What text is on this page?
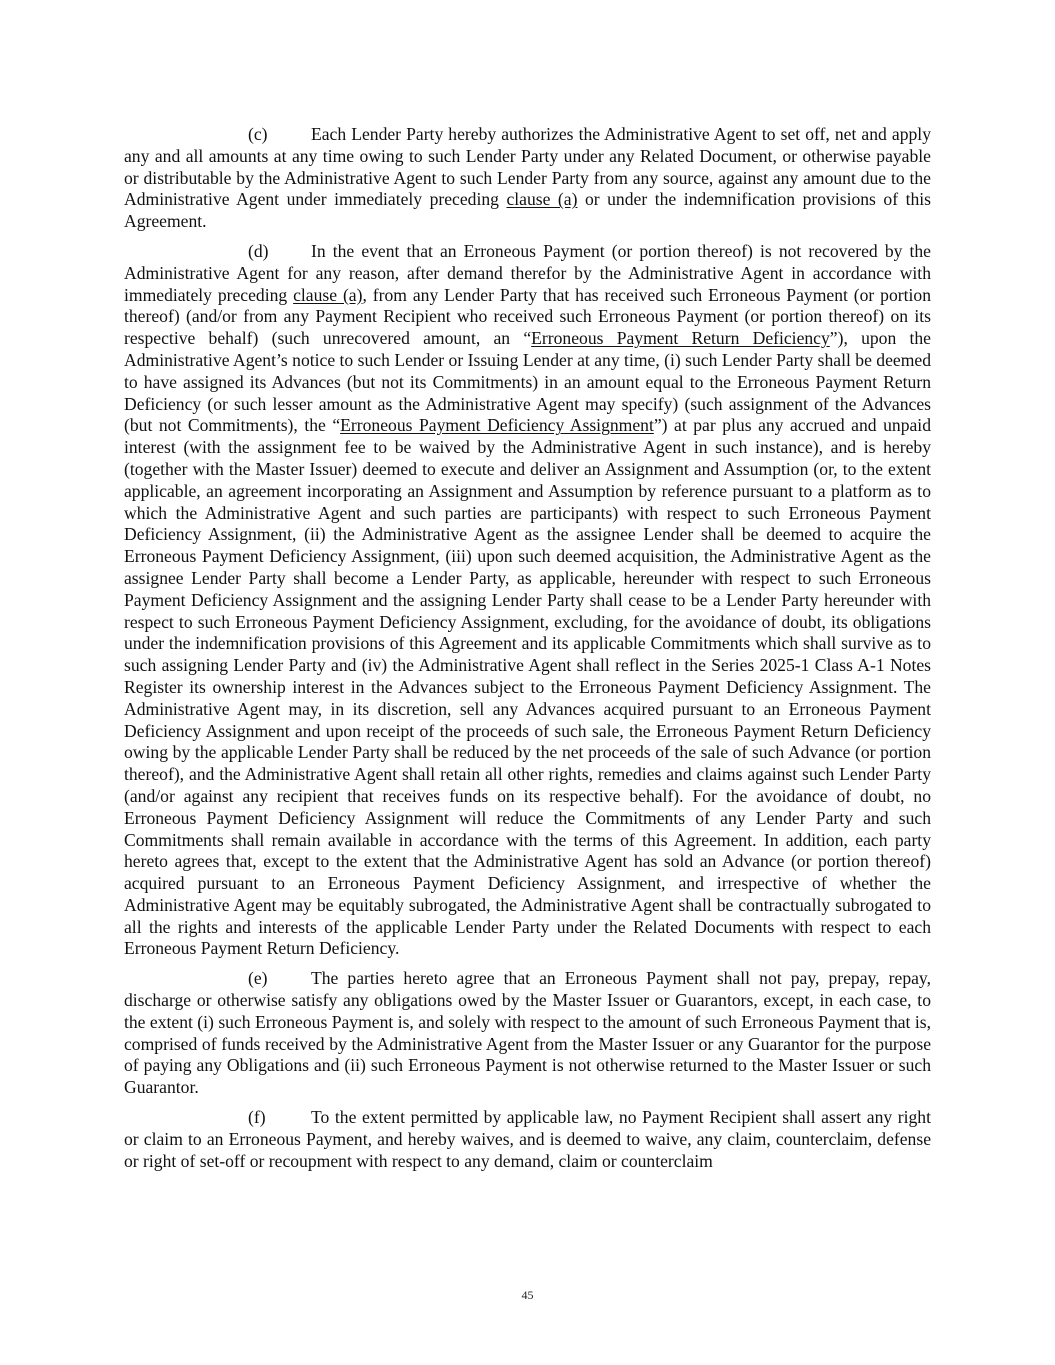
(c) Each Lender Party hereby authorizes the Administrative Agent to set off, net and apply any and all amounts at any time owing to such Lender Party under any Related Document, or otherwise payable or distributable by the Administrative Agent to such Lender Party from any source, against any amount due to the Administrative Agent under immediately preceding clause (a) or under the indemnification provisions of this Agreement.

(d) In the event that an Erroneous Payment (or portion thereof) is not recovered by the Administrative Agent for any reason, after demand therefor by the Administrative Agent in accordance with immediately preceding clause (a), from any Lender Party that has received such Erroneous Payment (or portion thereof) (and/or from any Payment Recipient who received such Erroneous Payment (or portion thereof) on its respective behalf) (such unrecovered amount, an “Erroneous Payment Return Deficiency”), upon the Administrative Agent’s notice to such Lender or Issuing Lender at any time, (i) such Lender Party shall be deemed to have assigned its Advances (but not its Commitments) in an amount equal to the Erroneous Payment Return Deficiency (or such lesser amount as the Administrative Agent may specify) (such assignment of the Advances (but not Commitments), the “Erroneous Payment Deficiency Assignment”) at par plus any accrued and unpaid interest (with the assignment fee to be waived by the Administrative Agent in such instance), and is hereby (together with the Master Issuer) deemed to execute and deliver an Assignment and Assumption (or, to the extent applicable, an agreement incorporating an Assignment and Assumption by reference pursuant to a platform as to which the Administrative Agent and such parties are participants) with respect to such Erroneous Payment Deficiency Assignment, (ii) the Administrative Agent as the assignee Lender shall be deemed to acquire the Erroneous Payment Deficiency Assignment, (iii) upon such deemed acquisition, the Administrative Agent as the assignee Lender Party shall become a Lender Party, as applicable, hereunder with respect to such Erroneous Payment Deficiency Assignment and the assigning Lender Party shall cease to be a Lender Party hereunder with respect to such Erroneous Payment Deficiency Assignment, excluding, for the avoidance of doubt, its obligations under the indemnification provisions of this Agreement and its applicable Commitments which shall survive as to such assigning Lender Party and (iv) the Administrative Agent shall reflect in the Series 2025-1 Class A-1 Notes Register its ownership interest in the Advances subject to the Erroneous Payment Deficiency Assignment. The Administrative Agent may, in its discretion, sell any Advances acquired pursuant to an Erroneous Payment Deficiency Assignment and upon receipt of the proceeds of such sale, the Erroneous Payment Return Deficiency owing by the applicable Lender Party shall be reduced by the net proceeds of the sale of such Advance (or portion thereof), and the Administrative Agent shall retain all other rights, remedies and claims against such Lender Party (and/or against any recipient that receives funds on its respective behalf). For the avoidance of doubt, no Erroneous Payment Deficiency Assignment will reduce the Commitments of any Lender Party and such Commitments shall remain available in accordance with the terms of this Agreement. In addition, each party hereto agrees that, except to the extent that the Administrative Agent has sold an Advance (or portion thereof) acquired pursuant to an Erroneous Payment Deficiency Assignment, and irrespective of whether the Administrative Agent may be equitably subrogated, the Administrative Agent shall be contractually subrogated to all the rights and interests of the applicable Lender Party under the Related Documents with respect to each Erroneous Payment Return Deficiency.

(e) The parties hereto agree that an Erroneous Payment shall not pay, prepay, repay, discharge or otherwise satisfy any obligations owed by the Master Issuer or Guarantors, except, in each case, to the extent (i) such Erroneous Payment is, and solely with respect to the amount of such Erroneous Payment that is, comprised of funds received by the Administrative Agent from the Master Issuer or any Guarantor for the purpose of paying any Obligations and (ii) such Erroneous Payment is not otherwise returned to the Master Issuer or such Guarantor.

(f)	To the extent permitted by applicable law, no Payment Recipient shall assert any right or claim to an Erroneous Payment, and hereby waives, and is deemed to waive, any claim, counterclaim, defense or right of set-off or recoupment with respect to any demand, claim or counterclaim

45
